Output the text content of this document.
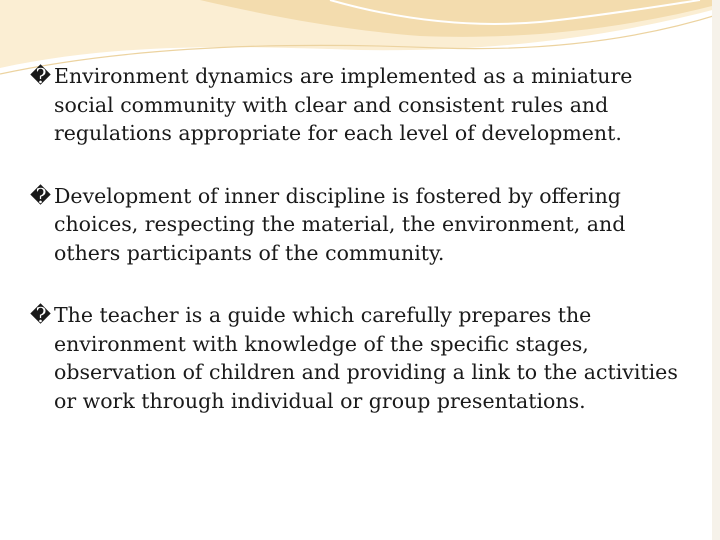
� Environment dynamics are implemented as a miniature social community with clear and consistent rules and regulations appropriate for each level of development.
� Development of inner discipline is fostered by offering choices, respecting the material, the environment, and others participants of the community.
� The teacher is a guide which carefully prepares the environment with knowledge of the specific stages, observation of children and providing a link to the activities or work through individual or group presentations.
